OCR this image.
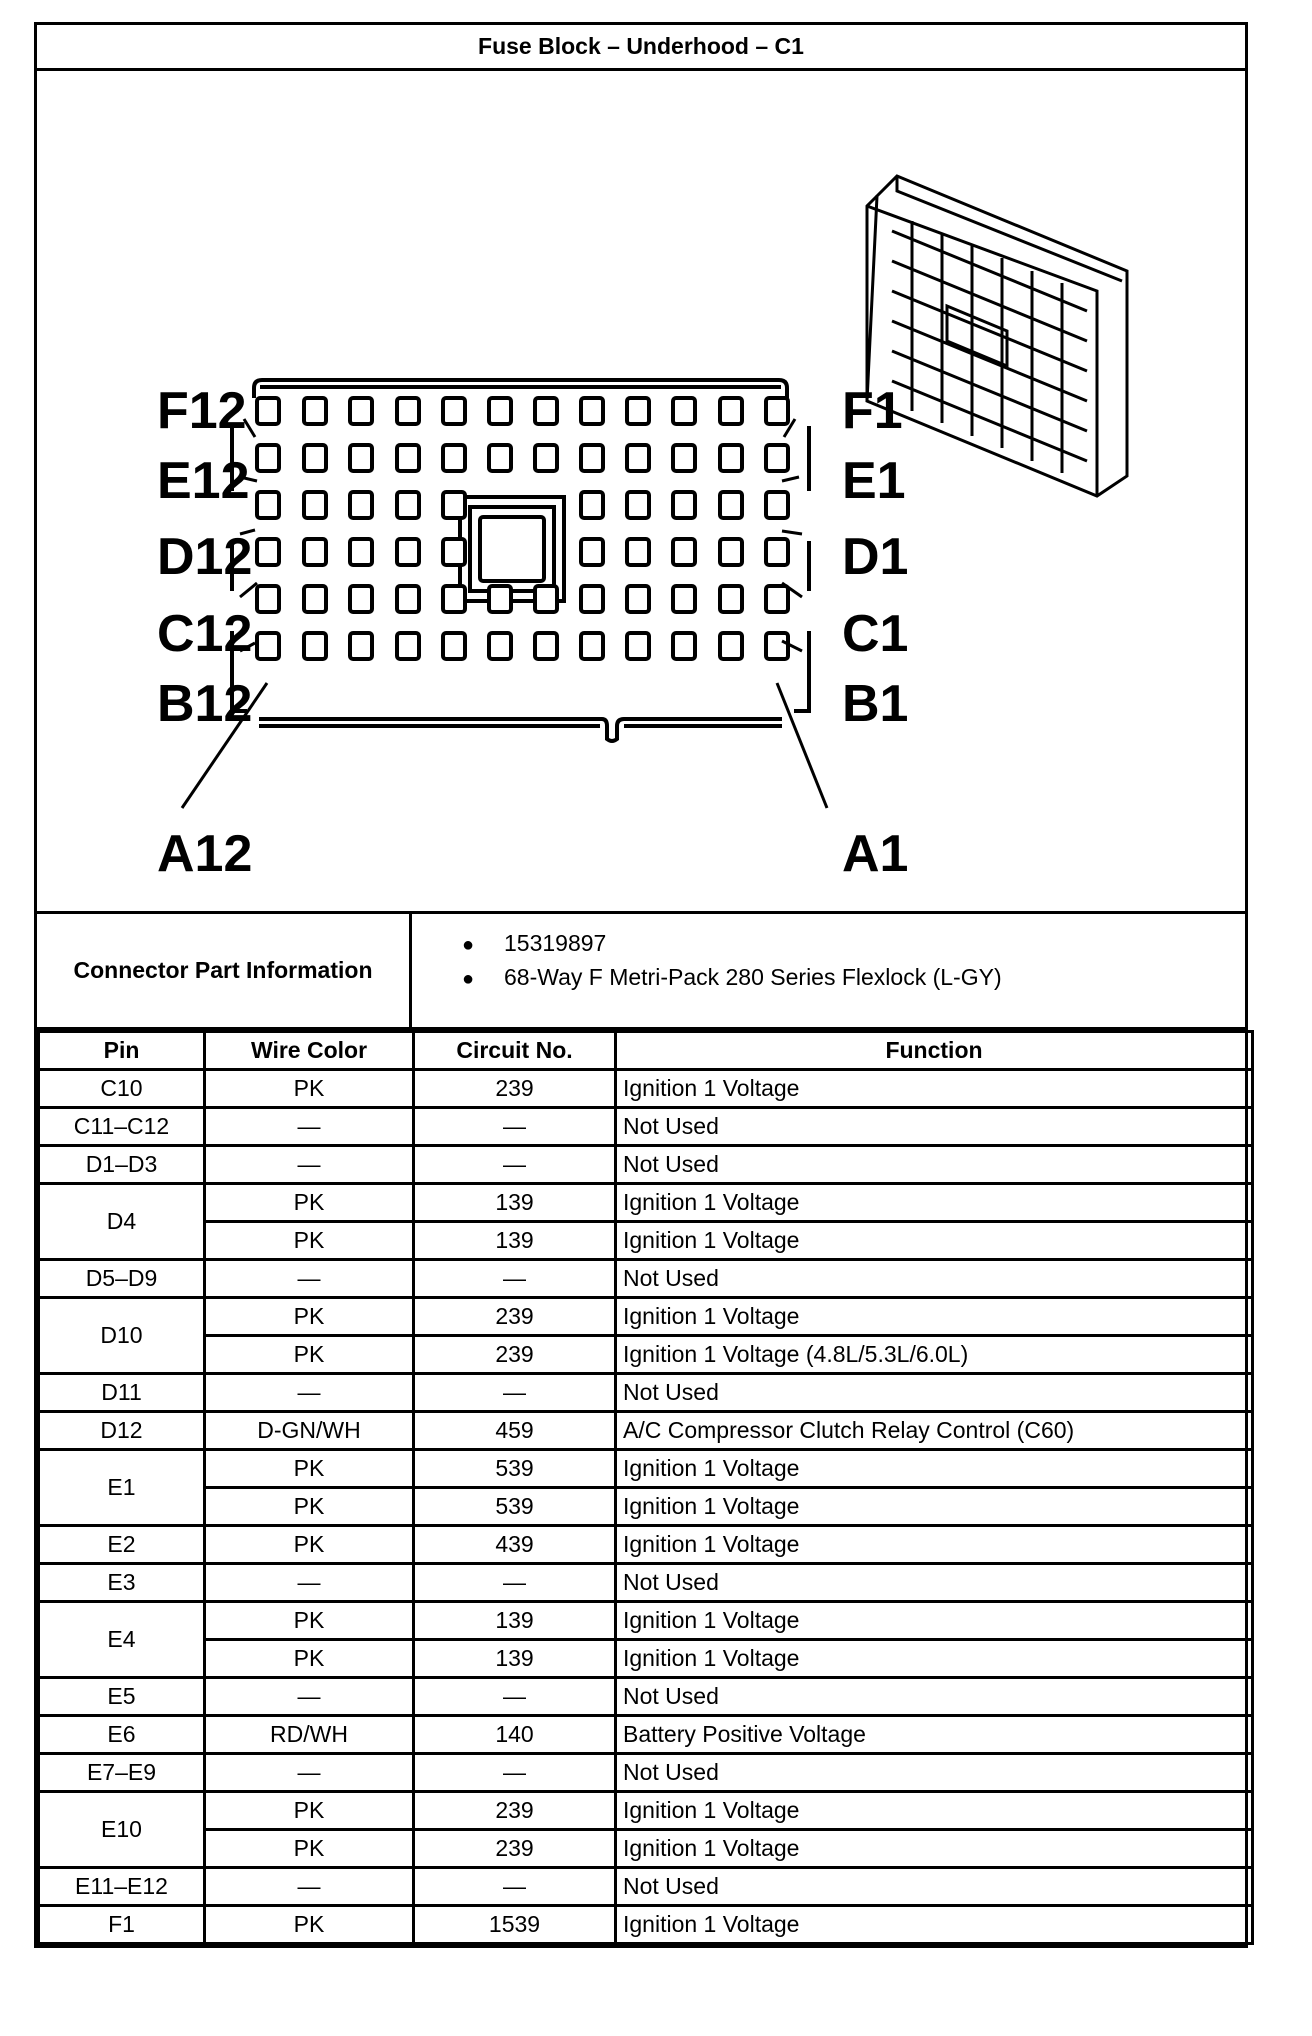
Fuse Block – Underhood – C1
F12
E12
D12
C12
B12
A12
F1
E1
D1
C1
B1
A1
Connector Part Information
● 15319897
● 68-Way F Metri-Pack 280 Series Flexlock (L-GY)
Pin	Wire Color	Circuit No.	Function
C10	PK	239	Ignition 1 Voltage
C11–C12	—	—	Not Used
D1–D3	—	—	Not Used
D4	PK	139	Ignition 1 Voltage
	PK	139	Ignition 1 Voltage
D5–D9	—	—	Not Used
D10	PK	239	Ignition 1 Voltage
	PK	239	Ignition 1 Voltage (4.8L/5.3L/6.0L)
D11	—	—	Not Used
D12	D-GN/WH	459	A/C Compressor Clutch Relay Control (C60)
E1	PK	539	Ignition 1 Voltage
	PK	539	Ignition 1 Voltage
E2	PK	439	Ignition 1 Voltage
E3	—	—	Not Used
E4	PK	139	Ignition 1 Voltage
	PK	139	Ignition 1 Voltage
E5	—	—	Not Used
E6	RD/WH	140	Battery Positive Voltage
E7–E9	—	—	Not Used
E10	PK	239	Ignition 1 Voltage
	PK	239	Ignition 1 Voltage
E11–E12	—	—	Not Used
F1	PK	1539	Ignition 1 Voltage
